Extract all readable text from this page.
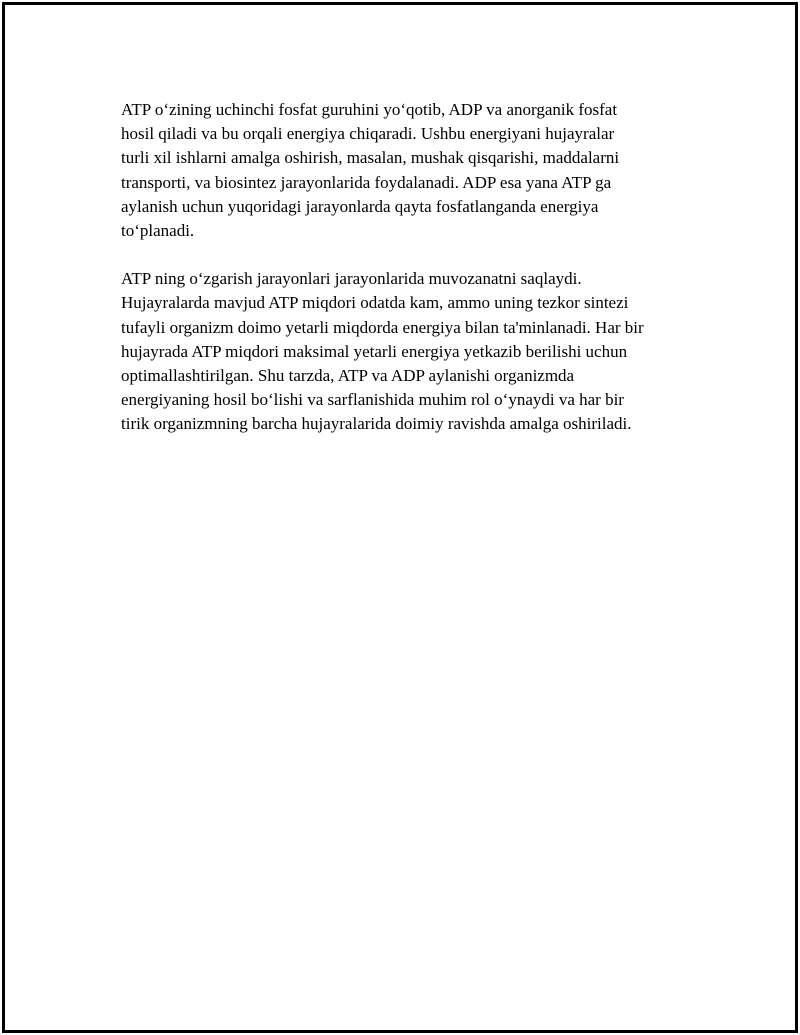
ATP o‘zining uchinchi fosfat guruhini yo‘qotib, ADP va anorganik fosfat
hosil qiladi va bu orqali energiya chiqaradi. Ushbu energiyani hujayralar
turli xil ishlarni amalga oshirish, masalan, mushak qisqarishi, maddalarni
transporti, va biosintez jarayonlarida foydalanadi. ADP esa yana ATP ga
aylanish uchun yuqoridagi jarayonlarda qayta fosfatlanganda energiya
to‘planadi.

ATP ning o‘zgarish jarayonlari jarayonlarida muvozanatni saqlaydi.
Hujayralarda mavjud ATP miqdori odatda kam, ammo uning tezkor sintezi
tufayli organizm doimo yetarli miqdorda energiya bilan ta'minlanadi. Har bir
hujayrada ATP miqdori maksimal yetarli energiya yetkazib berilishi uchun
optimallashtirilgan. Shu tarzda, ATP va ADP aylanishi organizmda
energiyaning hosil bo‘lishi va sarflanishida muhim rol o‘ynaydi va har bir
tirik organizmning barcha hujayralarida doimiy ravishda amalga oshiriladi.
